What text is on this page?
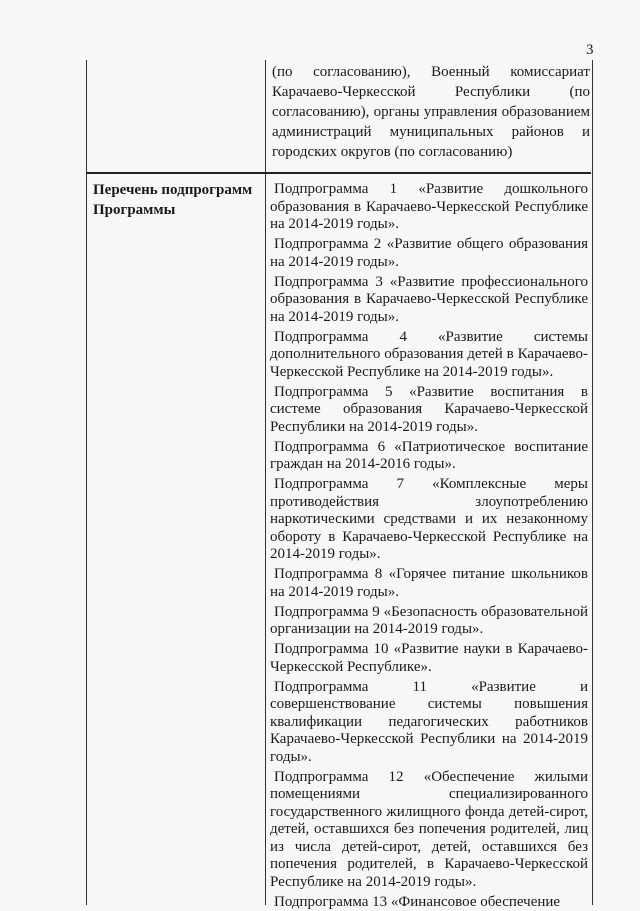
3
(по согласованию), Военный комиссариат Карачаево-Черкесской Республики (по согласованию), органы управления образованием администраций муниципальных районов и городских округов (по согласованию)
Перечень подпрограмм Программы

Подпрограмма 1 «Развитие дошкольного образования в Карачаево-Черкесской Республике на 2014-2019 годы».

Подпрограмма 2 «Развитие общего образования на 2014-2019 годы».

Подпрограмма 3 «Развитие профессионального образования в Карачаево-Черкесской Республике на 2014-2019 годы».

Подпрограмма 4 «Развитие системы дополнительного образования детей в Карачаево-Черкесской Республике на 2014-2019 годы».

Подпрограмма 5 «Развитие воспитания в системе образования Карачаево-Черкесской Республики на 2014-2019 годы».

Подпрограмма 6 «Патриотическое воспитание граждан на 2014-2016 годы».

Подпрограмма 7 «Комплексные меры противодействия злоупотреблению наркотическими средствами и их незаконному обороту в Карачаево-Черкесской Республике на 2014-2019 годы».

Подпрограмма 8 «Горячее питание школьников на 2014-2019 годы».

Подпрограмма 9 «Безопасность образовательной организации на 2014-2019 годы».

Подпрограмма 10 «Развитие науки в Карачаево-Черкесской Республике».

Подпрограмма 11 «Развитие и совершенствование системы повышения квалификации педагогических работников Карачаево-Черкесской Республики на 2014-2019 годы».

Подпрограмма 12 «Обеспечение жилыми помещениями специализированного государственного жилищного фонда детей-сирот, детей, оставшихся без попечения родителей, лиц из числа детей-сирот, детей, оставшихся без попечения родителей, в Карачаево-Черкесской Республике на 2014-2019 годы».

Подпрограмма 13 «Финансовое обеспечение
